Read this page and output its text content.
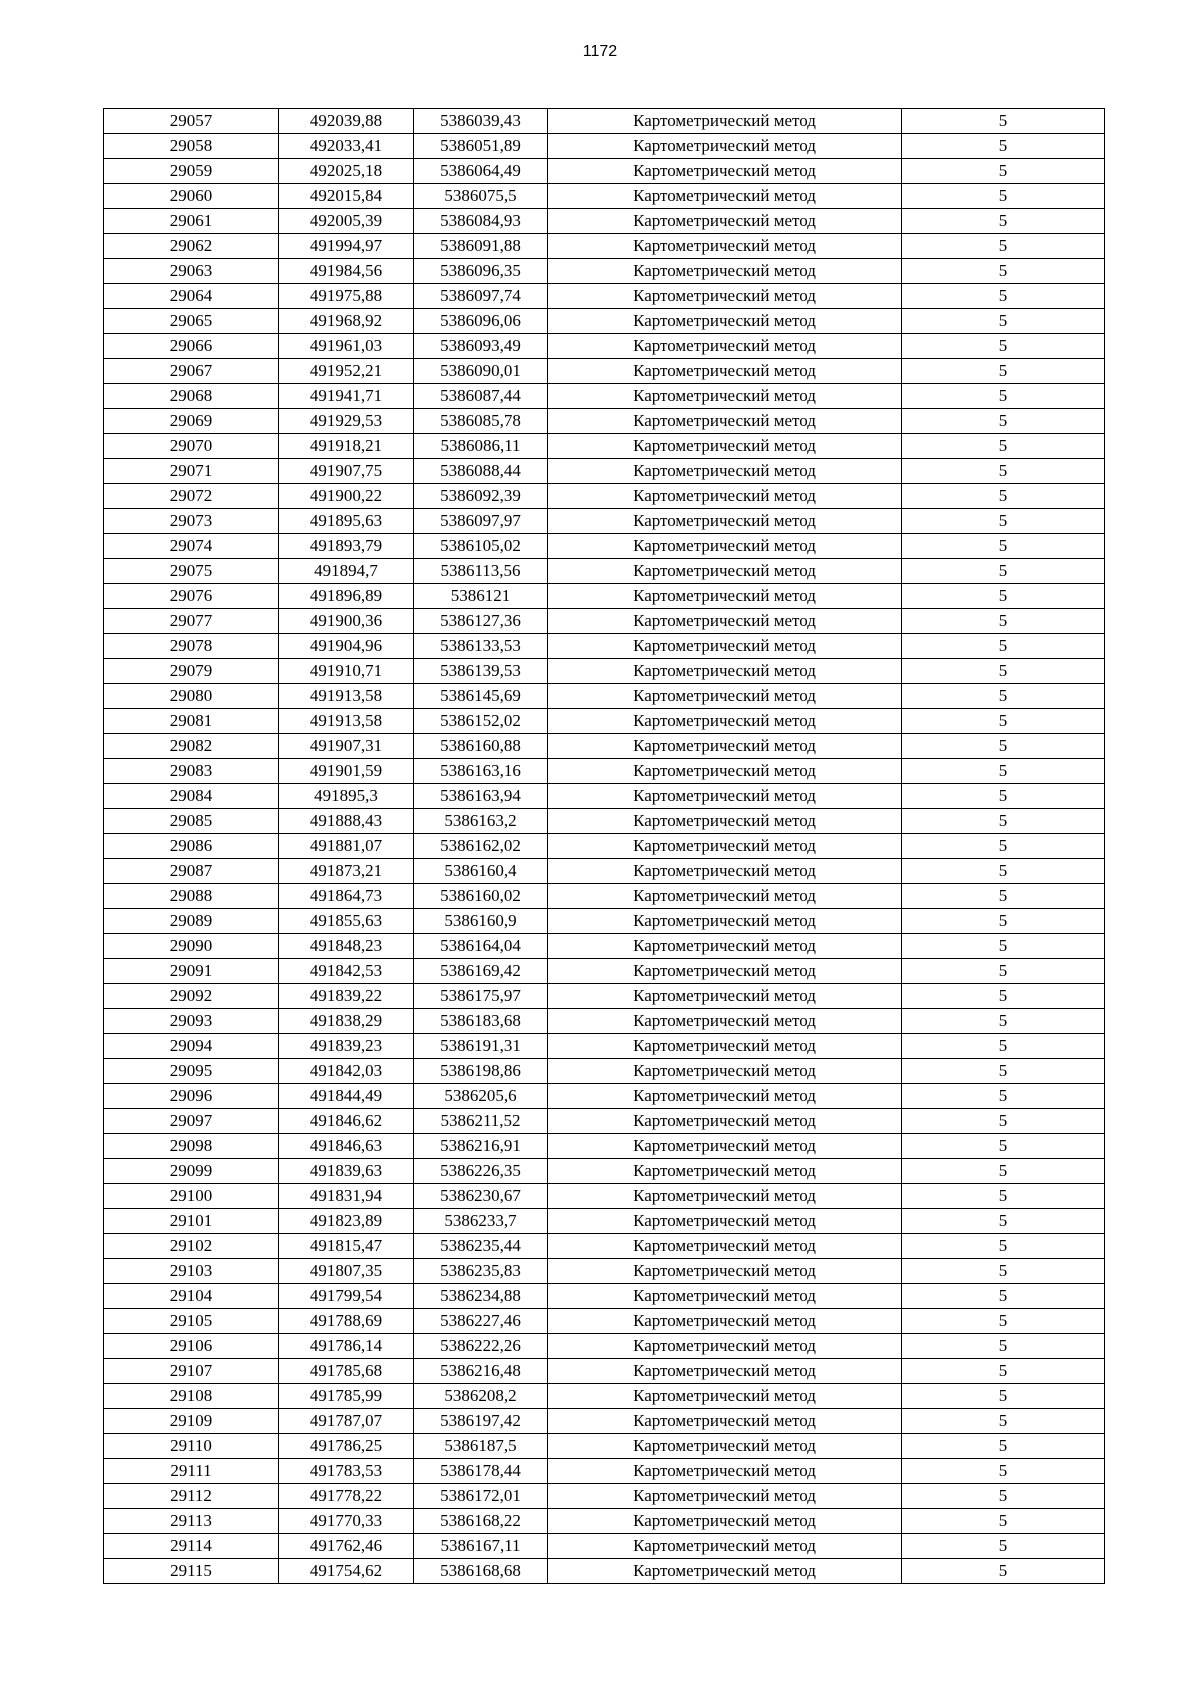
1172
29057	492039,88	5386039,43	Картометрический метод	5
29058	492033,41	5386051,89	Картометрический метод	5
29059	492025,18	5386064,49	Картометрический метод	5
29060	492015,84	5386075,5	Картометрический метод	5
29061	492005,39	5386084,93	Картометрический метод	5
29062	491994,97	5386091,88	Картометрический метод	5
29063	491984,56	5386096,35	Картометрический метод	5
29064	491975,88	5386097,74	Картометрический метод	5
29065	491968,92	5386096,06	Картометрический метод	5
29066	491961,03	5386093,49	Картометрический метод	5
29067	491952,21	5386090,01	Картометрический метод	5
29068	491941,71	5386087,44	Картометрический метод	5
29069	491929,53	5386085,78	Картометрический метод	5
29070	491918,21	5386086,11	Картометрический метод	5
29071	491907,75	5386088,44	Картометрический метод	5
29072	491900,22	5386092,39	Картометрический метод	5
29073	491895,63	5386097,97	Картометрический метод	5
29074	491893,79	5386105,02	Картометрический метод	5
29075	491894,7	5386113,56	Картометрический метод	5
29076	491896,89	5386121	Картометрический метод	5
29077	491900,36	5386127,36	Картометрический метод	5
29078	491904,96	5386133,53	Картометрический метод	5
29079	491910,71	5386139,53	Картометрический метод	5
29080	491913,58	5386145,69	Картометрический метод	5
29081	491913,58	5386152,02	Картометрический метод	5
29082	491907,31	5386160,88	Картометрический метод	5
29083	491901,59	5386163,16	Картометрический метод	5
29084	491895,3	5386163,94	Картометрический метод	5
29085	491888,43	5386163,2	Картометрический метод	5
29086	491881,07	5386162,02	Картометрический метод	5
29087	491873,21	5386160,4	Картометрический метод	5
29088	491864,73	5386160,02	Картометрический метод	5
29089	491855,63	5386160,9	Картометрический метод	5
29090	491848,23	5386164,04	Картометрический метод	5
29091	491842,53	5386169,42	Картометрический метод	5
29092	491839,22	5386175,97	Картометрический метод	5
29093	491838,29	5386183,68	Картометрический метод	5
29094	491839,23	5386191,31	Картометрический метод	5
29095	491842,03	5386198,86	Картометрический метод	5
29096	491844,49	5386205,6	Картометрический метод	5
29097	491846,62	5386211,52	Картометрический метод	5
29098	491846,63	5386216,91	Картометрический метод	5
29099	491839,63	5386226,35	Картометрический метод	5
29100	491831,94	5386230,67	Картометрический метод	5
29101	491823,89	5386233,7	Картометрический метод	5
29102	491815,47	5386235,44	Картометрический метод	5
29103	491807,35	5386235,83	Картометрический метод	5
29104	491799,54	5386234,88	Картометрический метод	5
29105	491788,69	5386227,46	Картометрический метод	5
29106	491786,14	5386222,26	Картометрический метод	5
29107	491785,68	5386216,48	Картометрический метод	5
29108	491785,99	5386208,2	Картометрический метод	5
29109	491787,07	5386197,42	Картометрический метод	5
29110	491786,25	5386187,5	Картометрический метод	5
29111	491783,53	5386178,44	Картометрический метод	5
29112	491778,22	5386172,01	Картометрический метод	5
29113	491770,33	5386168,22	Картометрический метод	5
29114	491762,46	5386167,11	Картометрический метод	5
29115	491754,62	5386168,68	Картометрический метод	5
